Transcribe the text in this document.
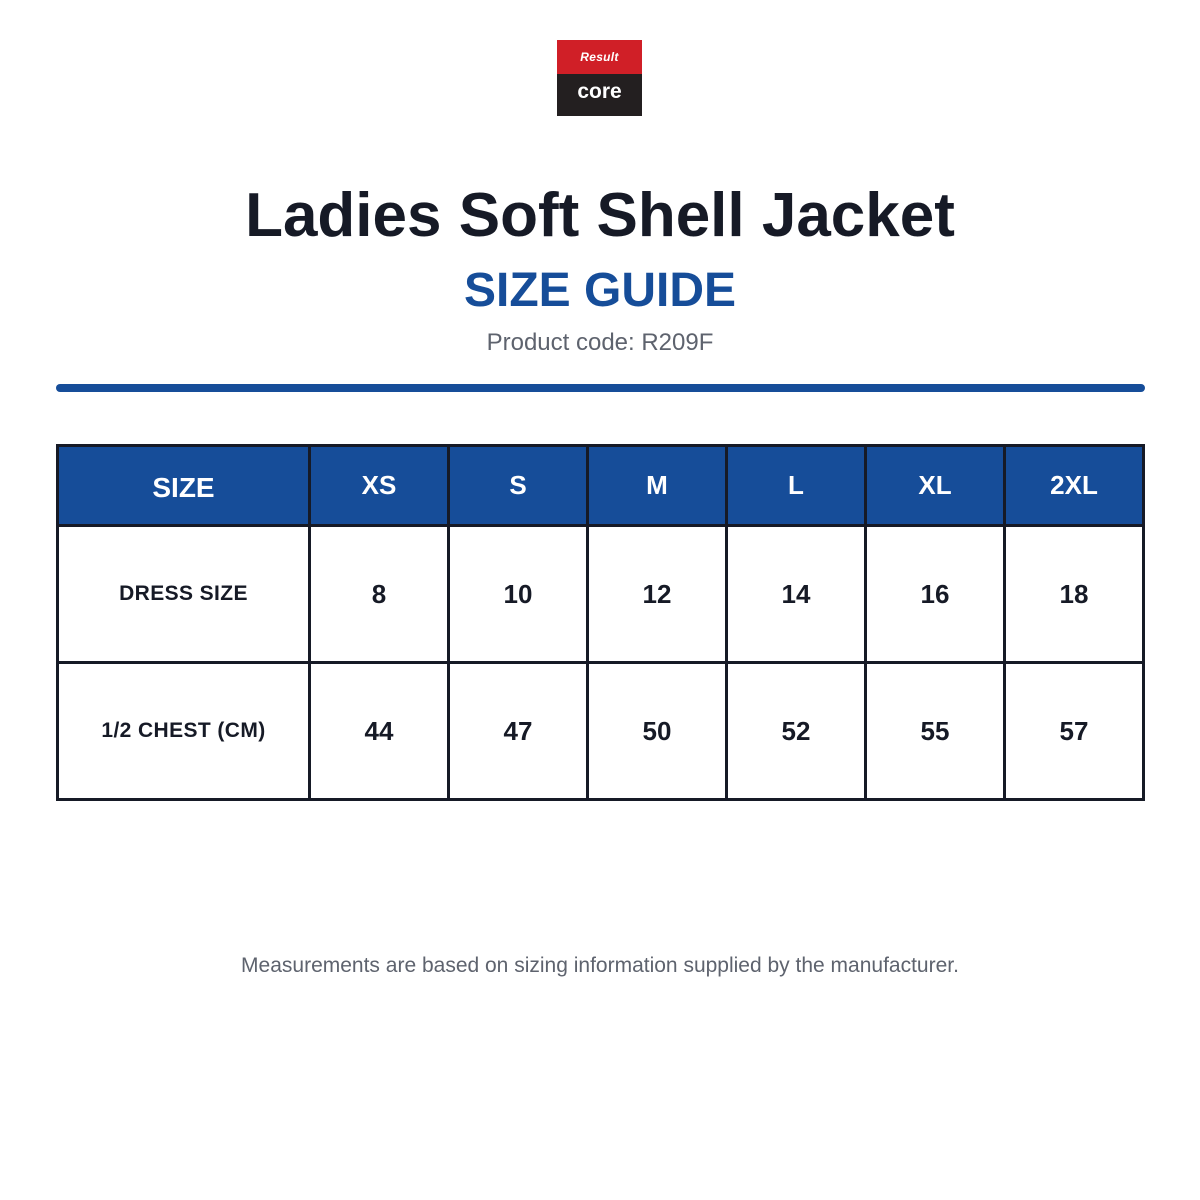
Result
core
Ladies Soft Shell Jacket
SIZE GUIDE
Product code: R209F
SIZE	XS	S	M	L	XL	2XL
DRESS SIZE	8	10	12	14	16	18
1/2 CHEST (CM)	44	47	50	52	55	57
Measurements are based on sizing information supplied by the manufacturer.
